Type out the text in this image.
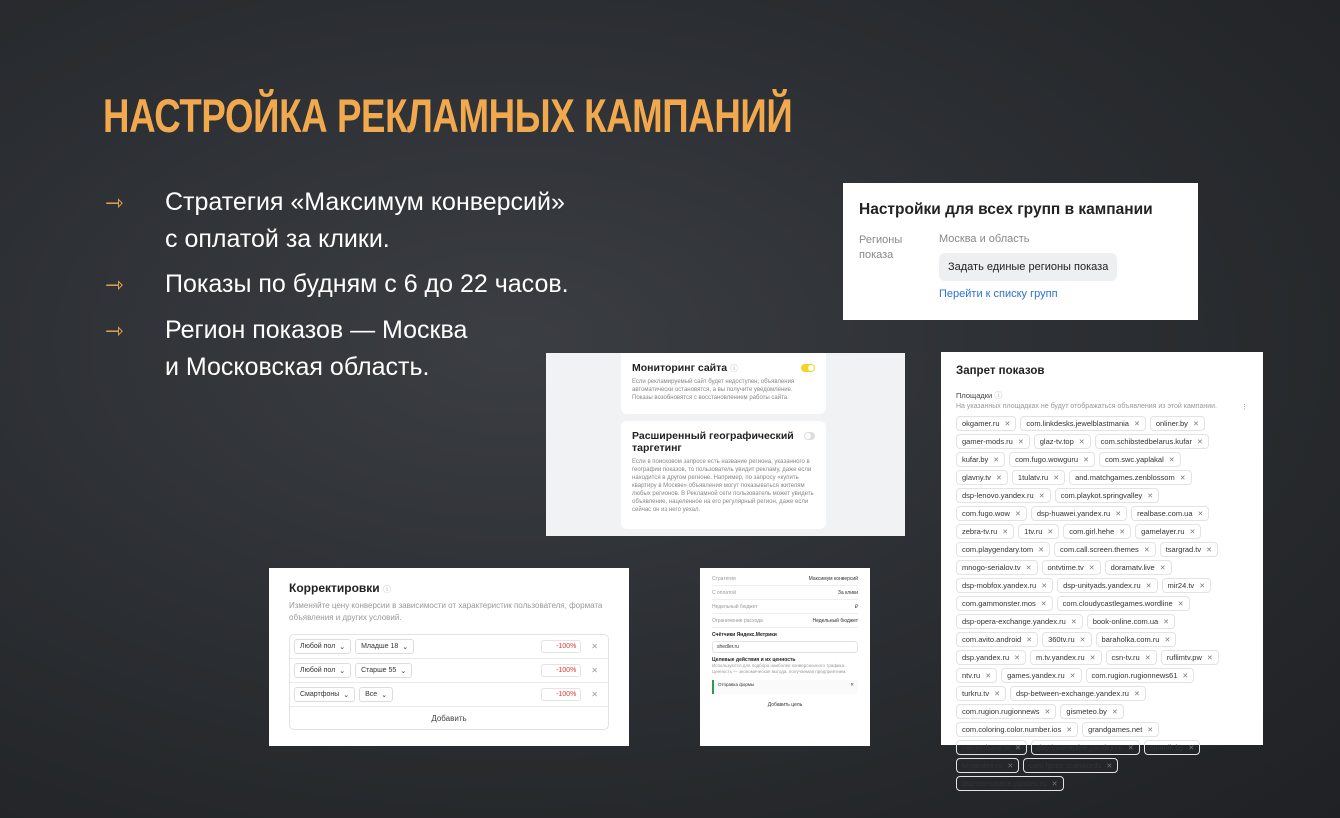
НАСТРОЙКА РЕКЛАМНЫХ КАМПАНИЙ
⇾	Стратегия «Максимум конверсий»
с оплатой за клики.
⇾	Показы по будням с 6 до 22 часов.
⇾	Регион показов — Москва
и Московская область.
Настройки для всех групп в кампании
Регионы
показа
Москва и область
Задать единые регионы показа
Перейти к списку групп
Мониторинг сайта ⓘ
Если рекламируемый сайт будет недоступен, объявления автоматически остановятся, а вы получите уведомление. Показы возобновятся с восстановлением работы сайта.
Расширенный географический таргетинг
Если в поисковом запросе есть название региона, указанного в географии показов, то пользователь увидит рекламу, даже если находится в другом регионе. Например, по запросу «купить квартиру в Москве» объявления могут показываться жителям любых регионов. В Рекламной сети пользователь может увидеть объявление, нацеленное на его регулярный регион, даже если сейчас он из него уехал.
Запрет показов
Площадки ⓘ
На указанных площадках не будут отображаться объявления из этой кампании.	⋮
okgamer.ru ✕ com.linkdesks.jewelblastmania ✕ onliner.by ✕
gamer-mods.ru ✕ glaz-tv.top ✕ com.schibstedbelarus.kufar ✕
kufar.by ✕ com.fugo.wowguru ✕ com.swc.yaplakal ✕
glavny.tv ✕ 1tulatv.ru ✕ and.matchgames.zenblossom ✕
dsp-lenovo.yandex.ru ✕ com.playkot.springvalley ✕
com.fugo.wow ✕ dsp-huawei.yandex.ru ✕ realbase.com.ua ✕
zebra-tv.ru ✕ 1tv.ru ✕ com.girl.hehe ✕ gamelayer.ru ✕
com.playgendary.tom ✕ com.call.screen.themes ✕ tsargrad.tv ✕
mnogo-serialov.tv ✕ ontvtime.tv ✕ doramatv.live ✕
dsp-mobfox.yandex.ru ✕ dsp-unityads.yandex.ru ✕ mir24.tv ✕
com.gammonster.mos ✕ com.cloudycastlegames.wordline ✕
dsp-opera-exchange.yandex.ru ✕ book-online.com.ua ✕
com.avito.android ✕ 360tv.ru ✕ baraholka.com.ru ✕
dsp.yandex.ru ✕ m.tv.yandex.ru ✕ csn-tv.ru ✕ ruflimtv.pw ✕
ntv.ru ✕ games.yandex.ru ✕ com.rugion.rugionnews61 ✕
turkru.tv ✕ dsp-between-exchange.yandex.ru ✕
com.rugion.rugionnews ✕ gismeteo.by ✕
com.coloring.color.number.ios ✕ grandgames.net ✕
naruto-base.tv ✕ dsp-inneractive.yandex.ru ✕ sputnik.by ✕
tv.yandex.ru ✕ com.fgcos.scanwords ✕
dsp-ironsource.yandex.ru ✕
Корректировки ⓘ
Изменяйте цену конверсии в зависимости от характеристик пользователя, формата объявления и других условий.
Любой пол ⌄ Младше 18 ⌄	-100%	✕
Любой пол ⌄ Старше 55 ⌄	-100%	✕
Смартфоны ⌄ Все ⌄	-100%	✕
Добавить
Стратегия	Максимум конверсий
С оплатой	За клики
Недельный бюджет	₽
Ограничение расхода	Недельный бюджет
Счётчики Яндекс.Метрики
shedler.ru
Целевые действия и их ценность
Используются для подбора наиболее конверсионного трафика. Ценность — экономическая выгода, получаемая предприятием.
Отправка формы	✕
Добавить цель
